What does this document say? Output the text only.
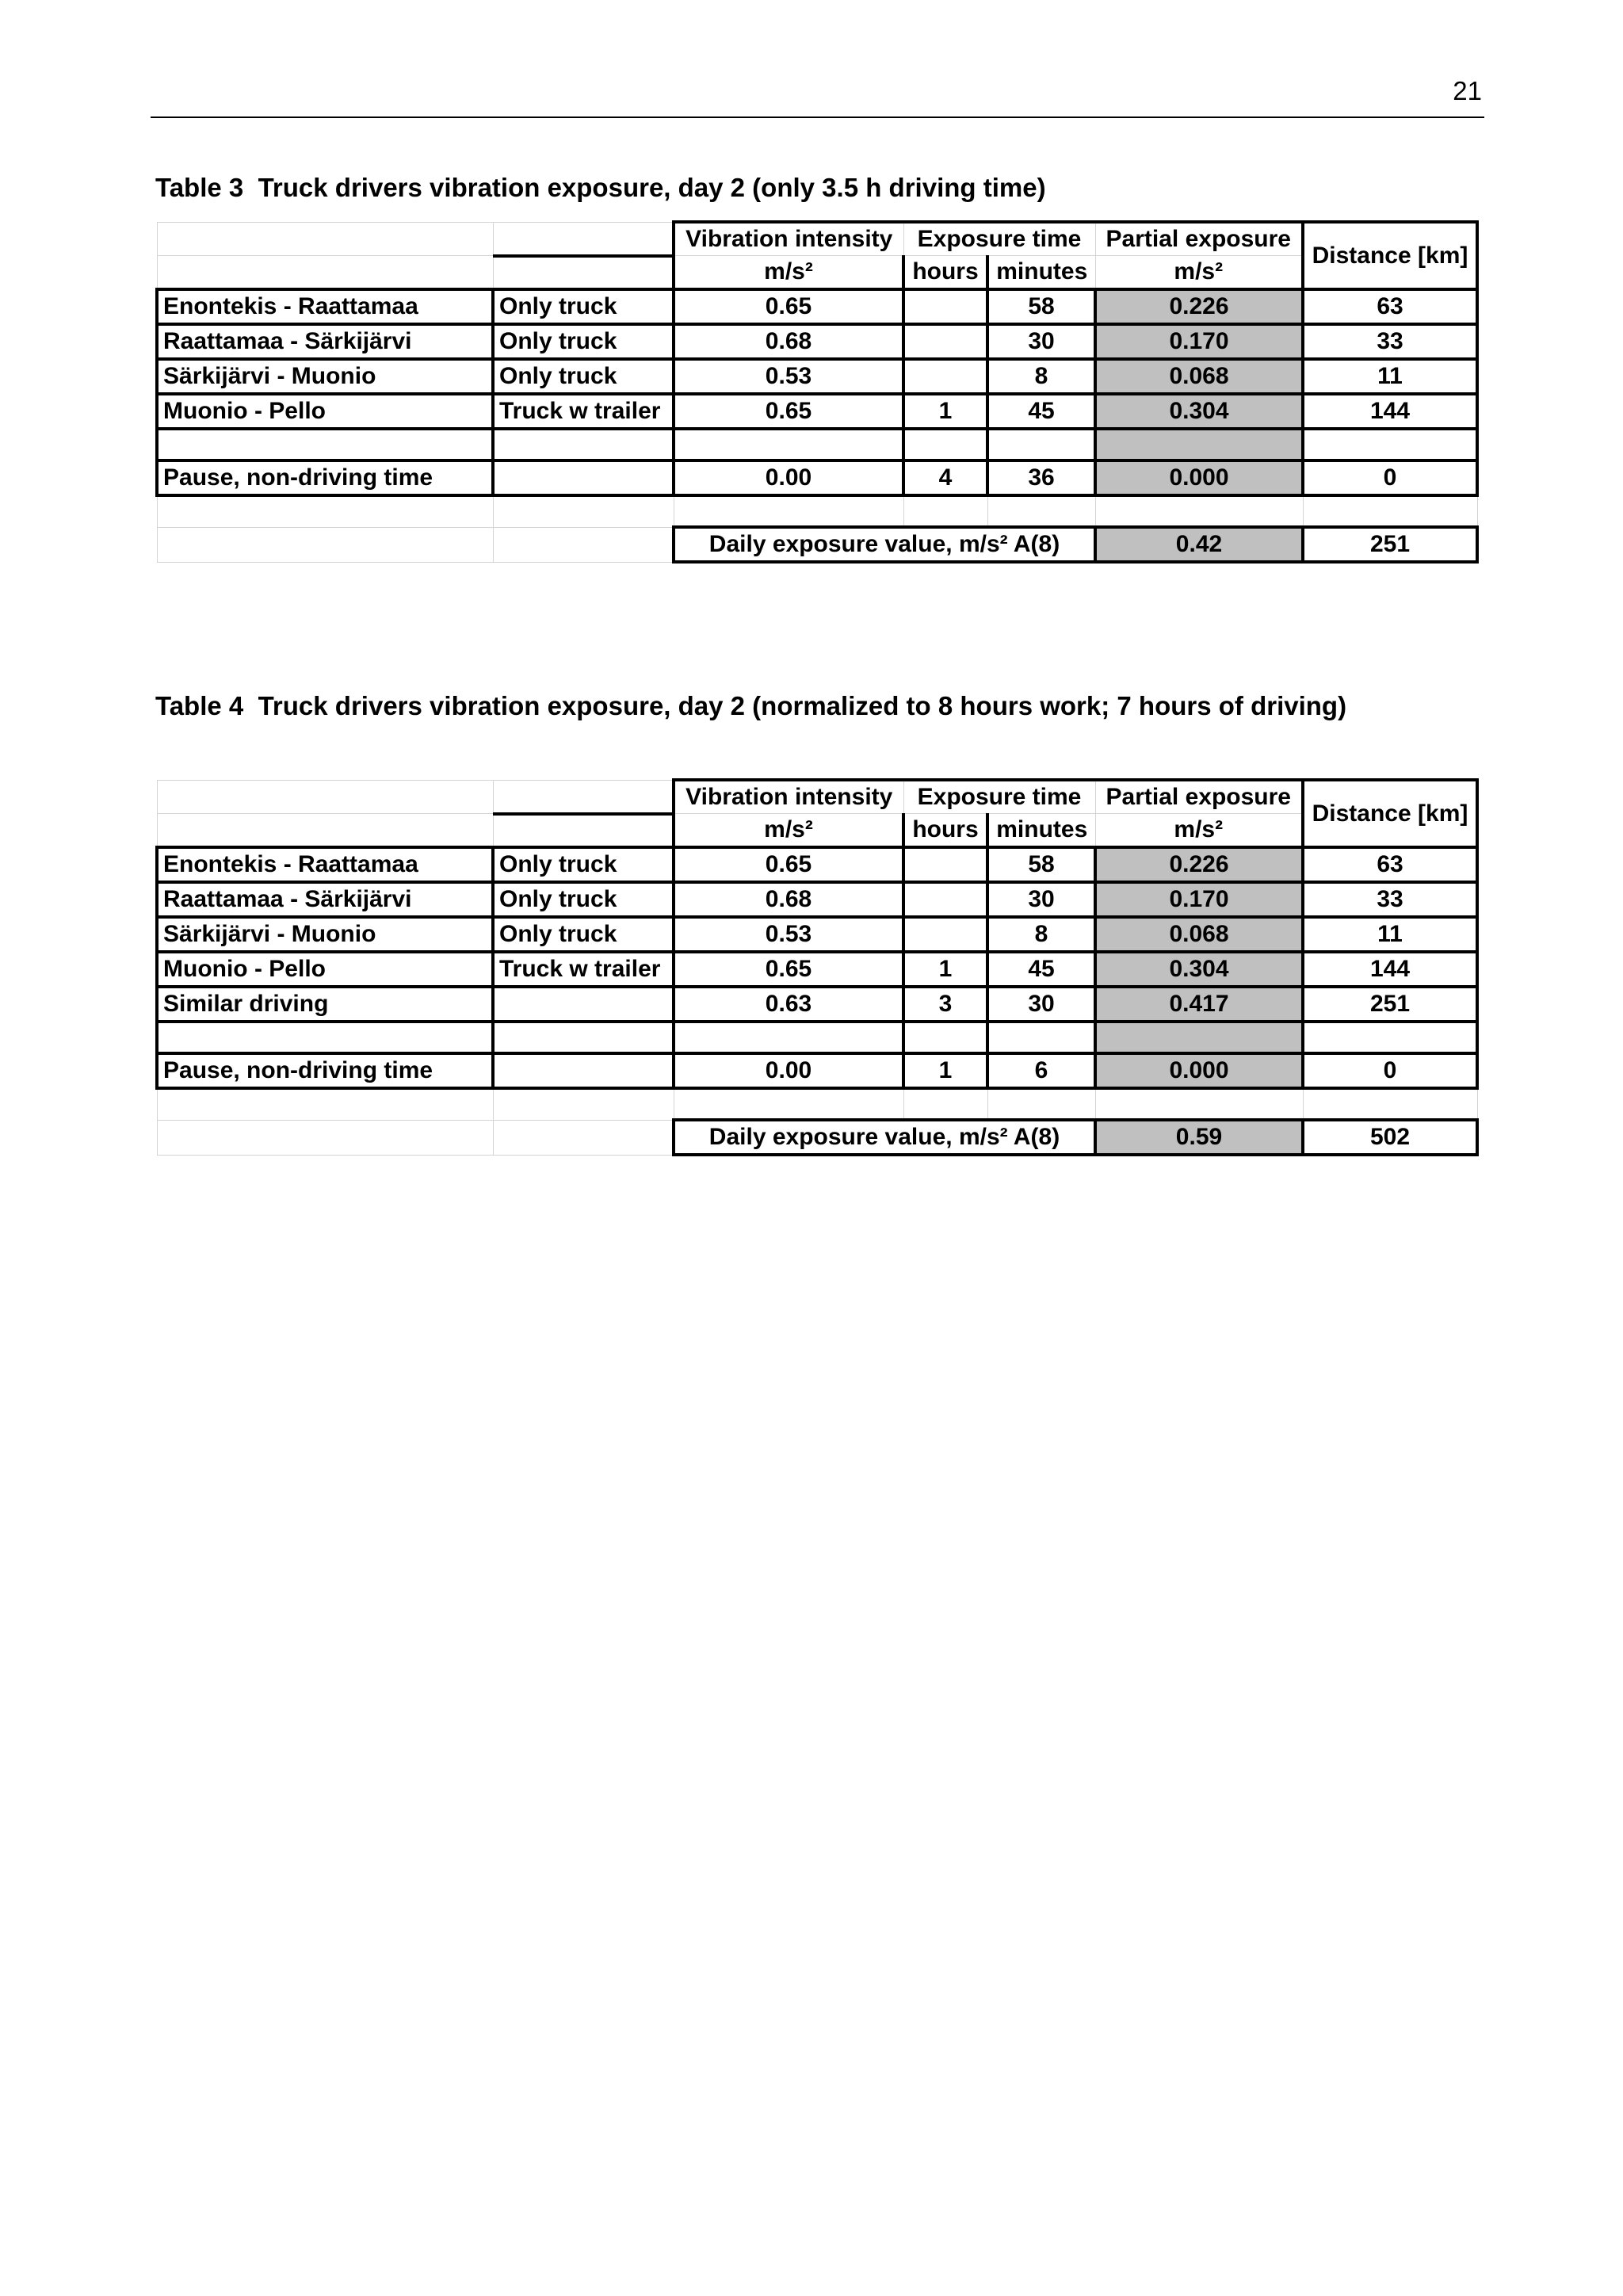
21
Table 3  Truck drivers vibration exposure, day 2 (only 3.5 h driving time)
		Vibration intensity	Exposure time		Partial exposure	Distance [km]
		m/s²	hours	minutes	m/s²	
Enontekis - Raattamaa	Only truck	0.65		58	0.226	63
Raattamaa - Särkijärvi	Only truck	0.68		30	0.170	33
Särkijärvi - Muonio	Only truck	0.53		8	0.068	11
Muonio - Pello	Truck w trailer	0.65	1	45	0.304	144

Pause, non-driving time		0.00	4	36	0.000	0

		Daily exposure value, m/s² A(8)			0.42	251
Table 4  Truck drivers vibration exposure, day 2 (normalized to 8 hours work; 7 hours of driving)
		Vibration intensity	Exposure time		Partial exposure	Distance [km]
		m/s²	hours	minutes	m/s²	
Enontekis - Raattamaa	Only truck	0.65		58	0.226	63
Raattamaa - Särkijärvi	Only truck	0.68		30	0.170	33
Särkijärvi - Muonio	Only truck	0.53		8	0.068	11
Muonio - Pello	Truck w trailer	0.65	1	45	0.304	144
Similar driving		0.63	3	30	0.417	251

Pause, non-driving time		0.00	1	6	0.000	0

		Daily exposure value, m/s² A(8)			0.59	502
